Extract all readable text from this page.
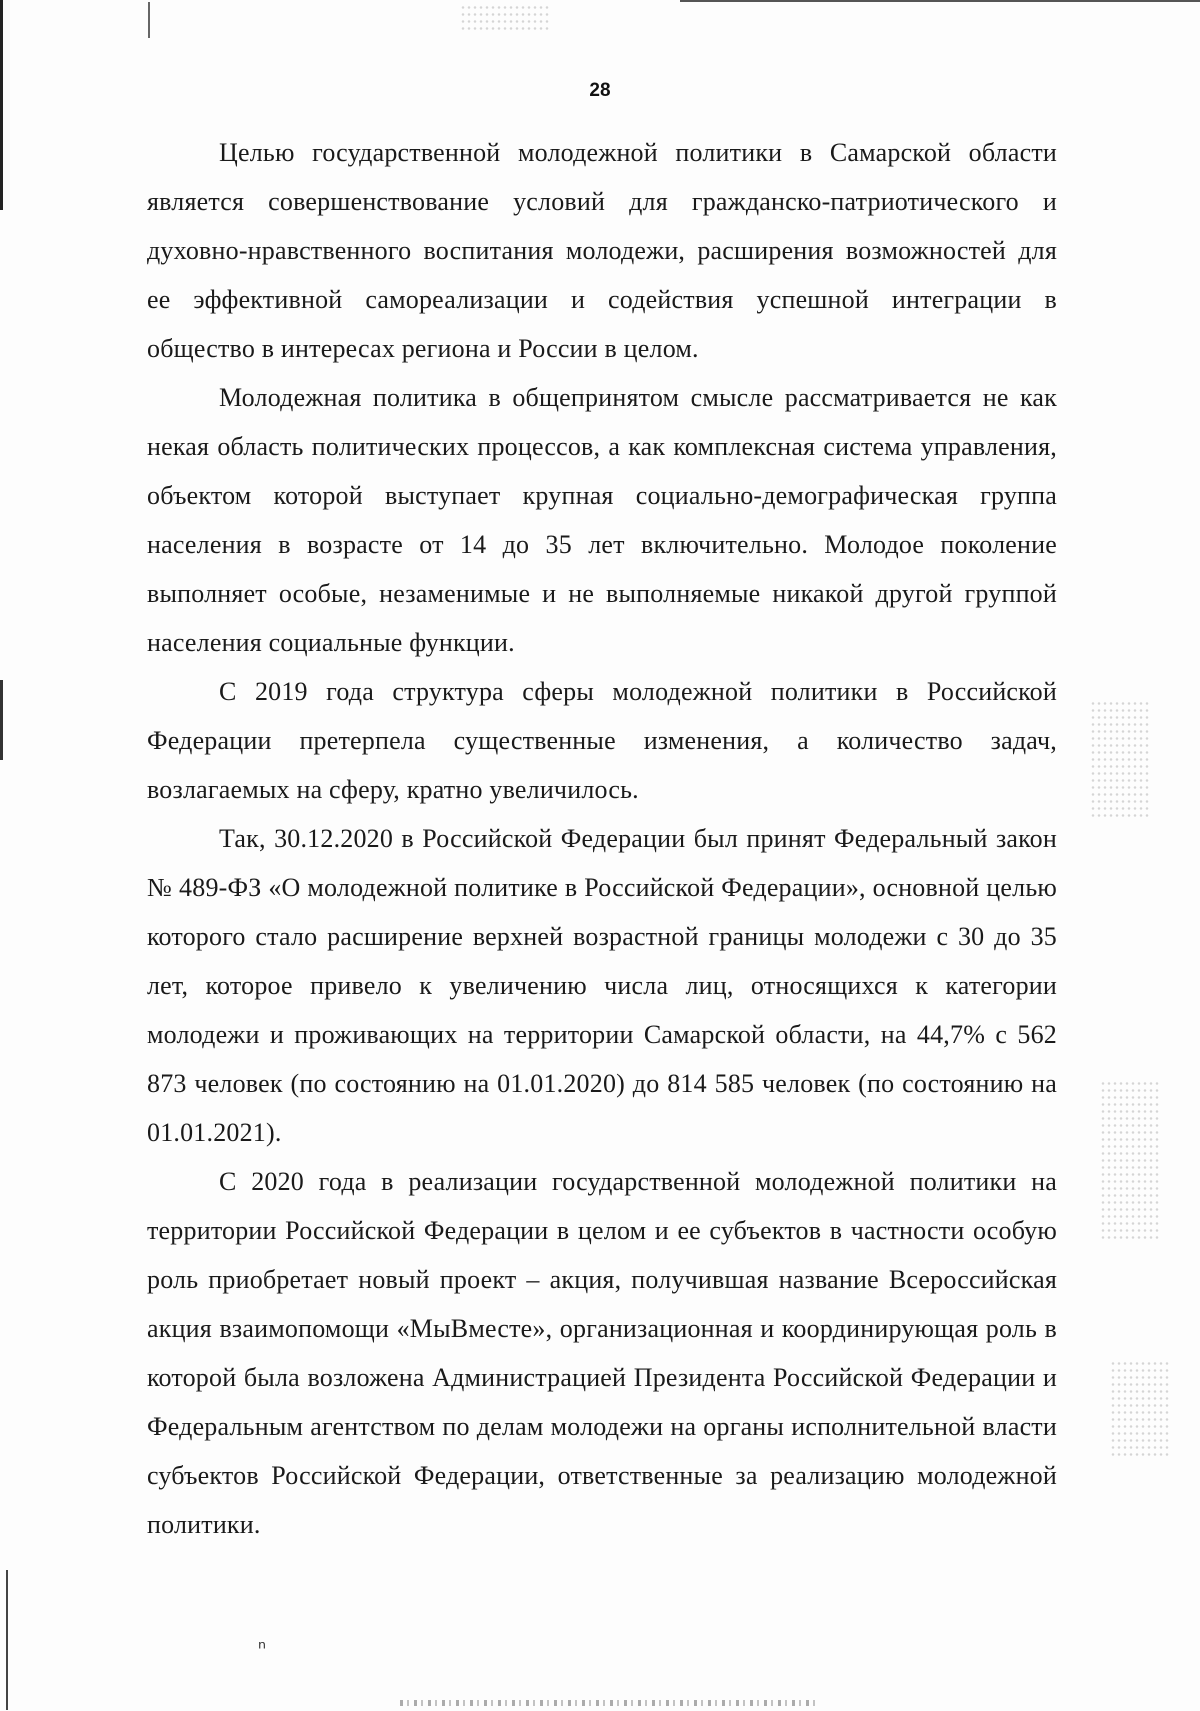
ⁿ
28

Целью государственной молодежной политики в Самарской области является совершенствование условий для гражданско-патриотического и духовно-нравственного воспитания молодежи, расширения возможностей для ее эффективной самореализации и содействия успешной интеграции в общество в интересах региона и России в целом.

Молодежная политика в общепринятом смысле рассматривается не как некая область политических процессов, а как комплексная система управления, объектом которой выступает крупная социально-демографическая группа населения в возрасте от 14 до 35 лет включительно. Молодое поколение выполняет особые, незаменимые и не выполняемые никакой другой группой населения социальные функции.

С 2019 года структура сферы молодежной политики в Российской Федерации претерпела существенные изменения, а количество задач, возлагаемых на сферу, кратно увеличилось.

Так, 30.12.2020 в Российской Федерации был принят Федеральный закон № 489-ФЗ «О молодежной политике в Российской Федерации», основной целью которого стало расширение верхней возрастной границы молодежи с 30 до 35 лет, которое привело к увеличению числа лиц, относящихся к категории молодежи и проживающих на территории Самарской области, на 44,7% с 562 873 человек (по состоянию на 01.01.2020) до 814 585 человек (по состоянию на 01.01.2021).

С 2020 года в реализации государственной молодежной политики на территории Российской Федерации в целом и ее субъектов в частности особую роль приобретает новый проект – акция, получившая название Всероссийская акция взаимопомощи «МыВместе», организационная и координирующая роль в которой была возложена Администрацией Президента Российской Федерации и Федеральным агентством по делам молодежи на органы исполнительной власти субъектов Российской Федерации, ответственные за реализацию молодежной политики.
